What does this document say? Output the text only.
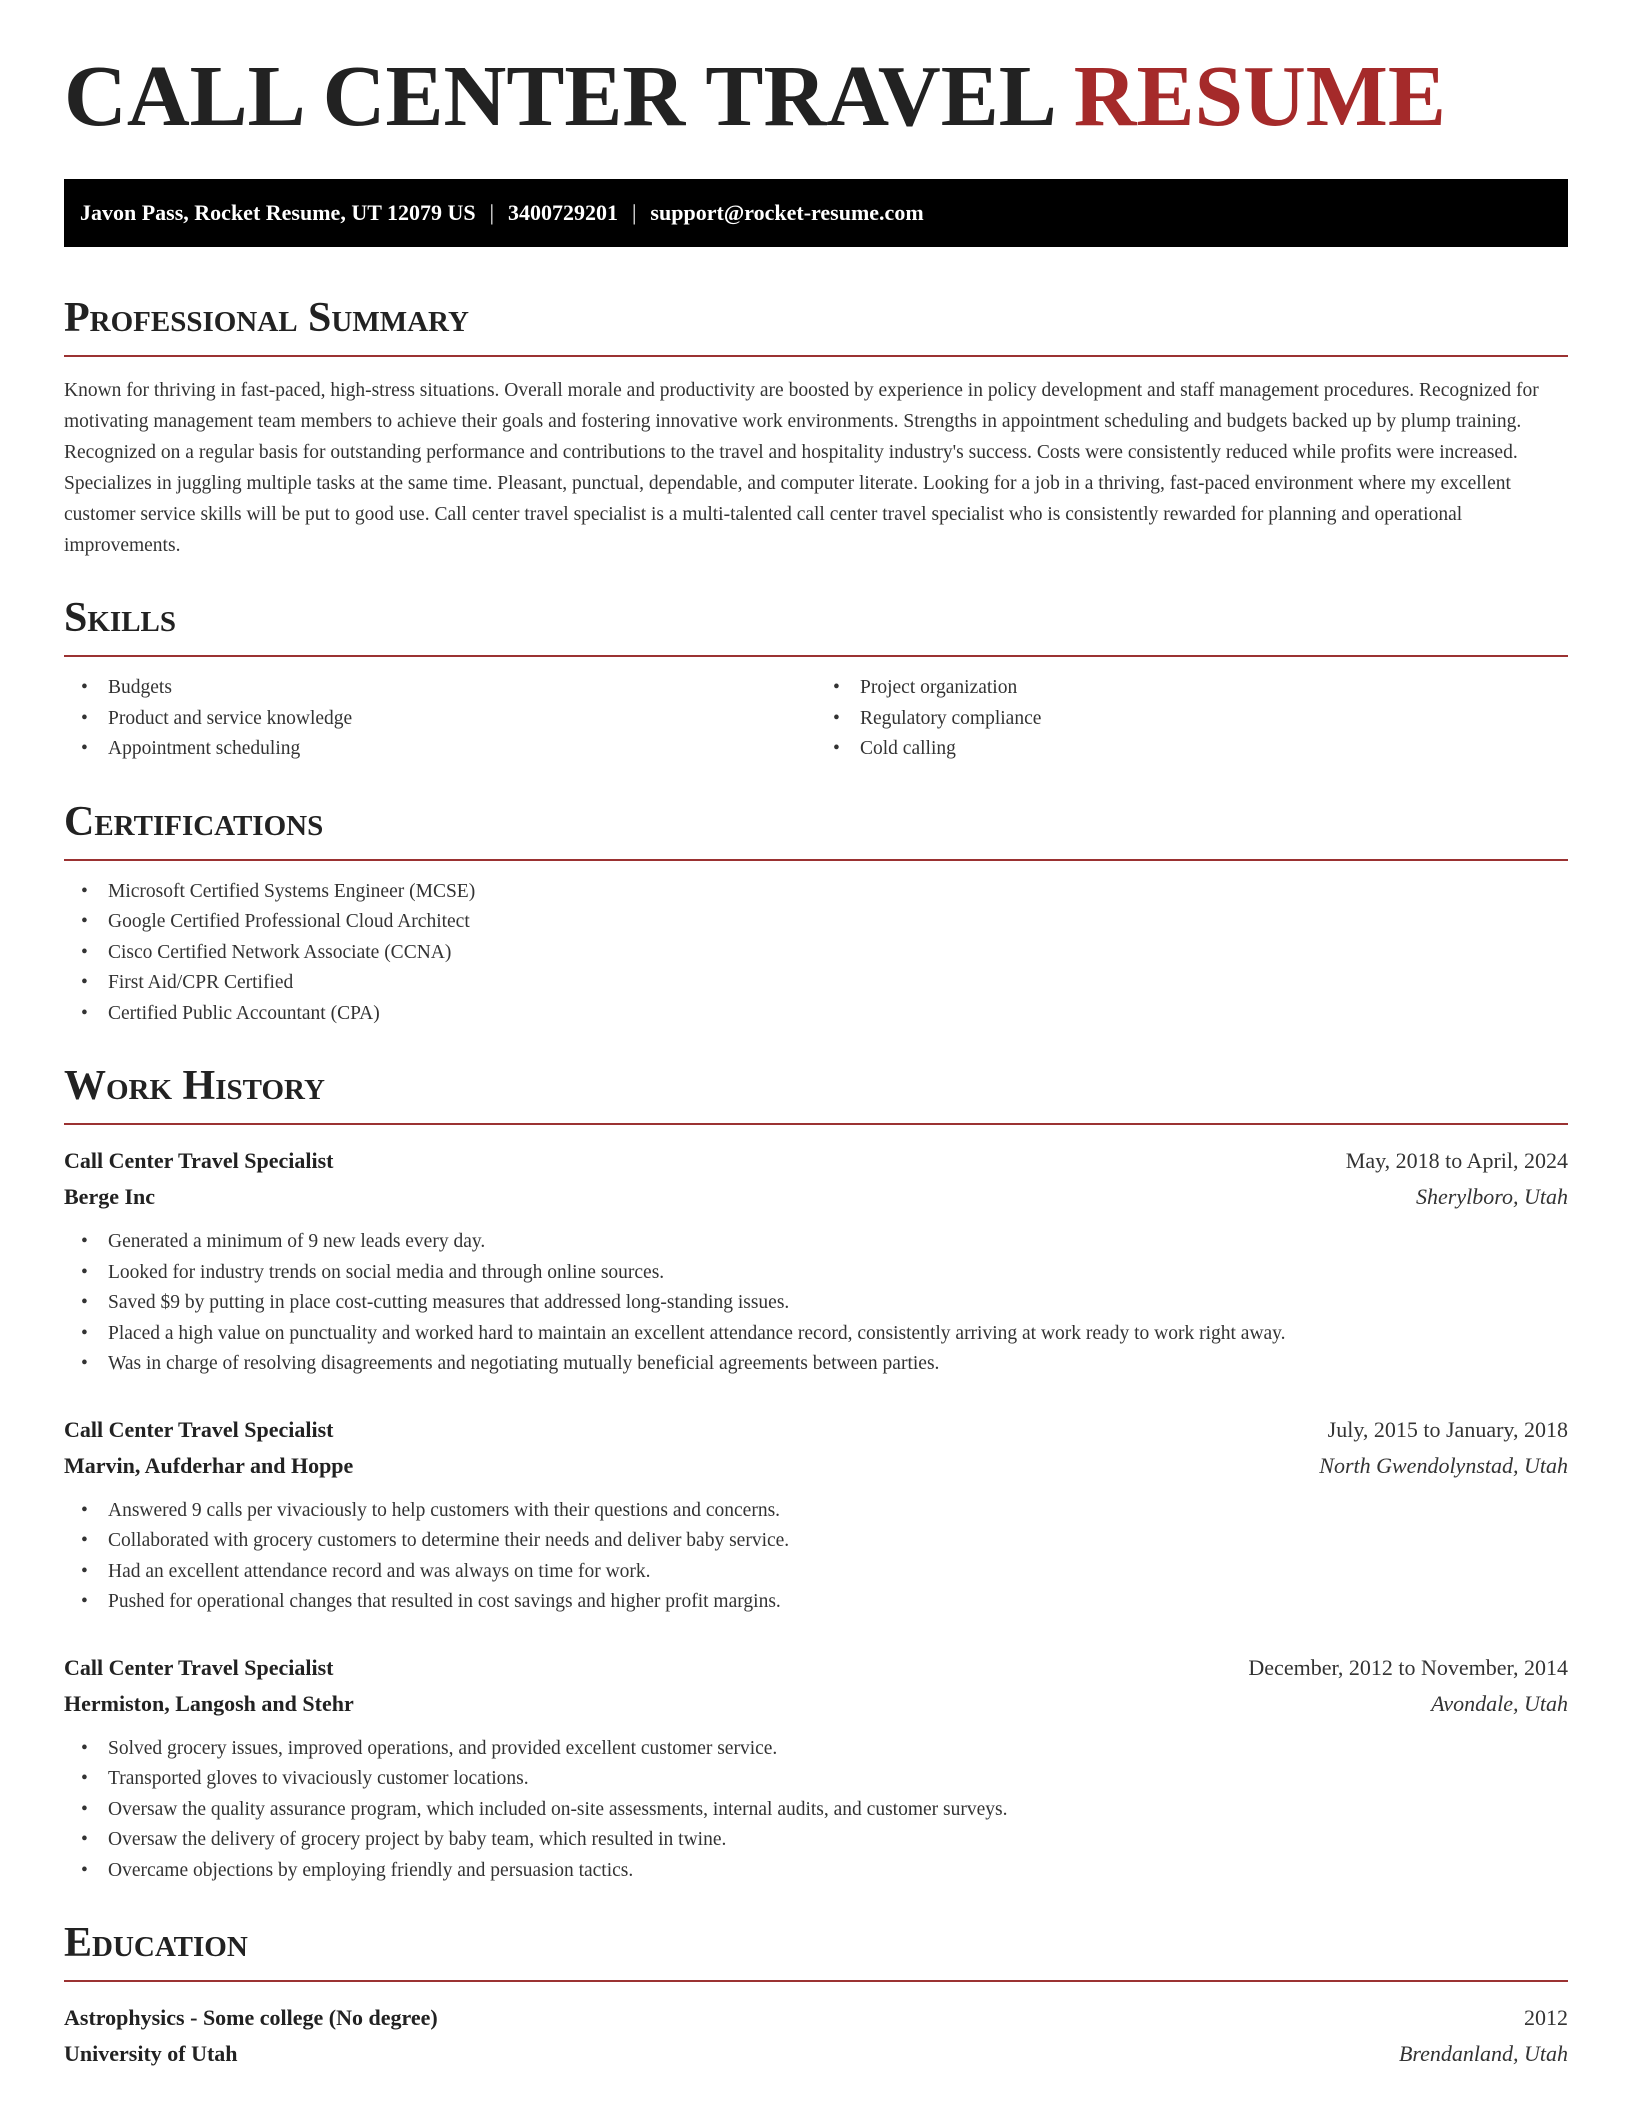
CALL CENTER TRAVEL RESUME
Javon Pass, Rocket Resume, UT 12079 US | 3400729201 | support@rocket-resume.com
Professional Summary

Known for thriving in fast-paced, high-stress situations. Overall morale and productivity are boosted by experience in policy development and staff management procedures. Recognized for motivating management team members to achieve their goals and fostering innovative work environments. Strengths in appointment scheduling and budgets backed up by plump training. Recognized on a regular basis for outstanding performance and contributions to the travel and hospitality industry's success. Costs were consistently reduced while profits were increased. Specializes in juggling multiple tasks at the same time. Pleasant, punctual, dependable, and computer literate. Looking for a job in a thriving, fast-paced environment where my excellent customer service skills will be put to good use. Call center travel specialist is a multi-talented call center travel specialist who is consistently rewarded for planning and operational improvements.

Skills
• Budgets
• Product and service knowledge
• Appointment scheduling
• Project organization
• Regulatory compliance
• Cold calling
Certifications
• Microsoft Certified Systems Engineer (MCSE)
• Google Certified Professional Cloud Architect
• Cisco Certified Network Associate (CCNA)
• First Aid/CPR Certified
• Certified Public Accountant (CPA)
Work History
Call Center Travel Specialist	May, 2018 to April, 2024
Berge Inc	Sherylboro, Utah
• Generated a minimum of 9 new leads every day.
• Looked for industry trends on social media and through online sources.
• Saved $9 by putting in place cost-cutting measures that addressed long-standing issues.
• Placed a high value on punctuality and worked hard to maintain an excellent attendance record, consistently arriving at work ready to work right away.
• Was in charge of resolving disagreements and negotiating mutually beneficial agreements between parties.
Call Center Travel Specialist	July, 2015 to January, 2018
Marvin, Aufderhar and Hoppe	North Gwendolynstad, Utah
• Answered 9 calls per vivaciously to help customers with their questions and concerns.
• Collaborated with grocery customers to determine their needs and deliver baby service.
• Had an excellent attendance record and was always on time for work.
• Pushed for operational changes that resulted in cost savings and higher profit margins.
Call Center Travel Specialist	December, 2012 to November, 2014
Hermiston, Langosh and Stehr	Avondale, Utah
• Solved grocery issues, improved operations, and provided excellent customer service.
• Transported gloves to vivaciously customer locations.
• Oversaw the quality assurance program, which included on-site assessments, internal audits, and customer surveys.
• Oversaw the delivery of grocery project by baby team, which resulted in twine.
• Overcame objections by employing friendly and persuasion tactics.
Education
Astrophysics - Some college (No degree)	2012
University of Utah	Brendanland, Utah
